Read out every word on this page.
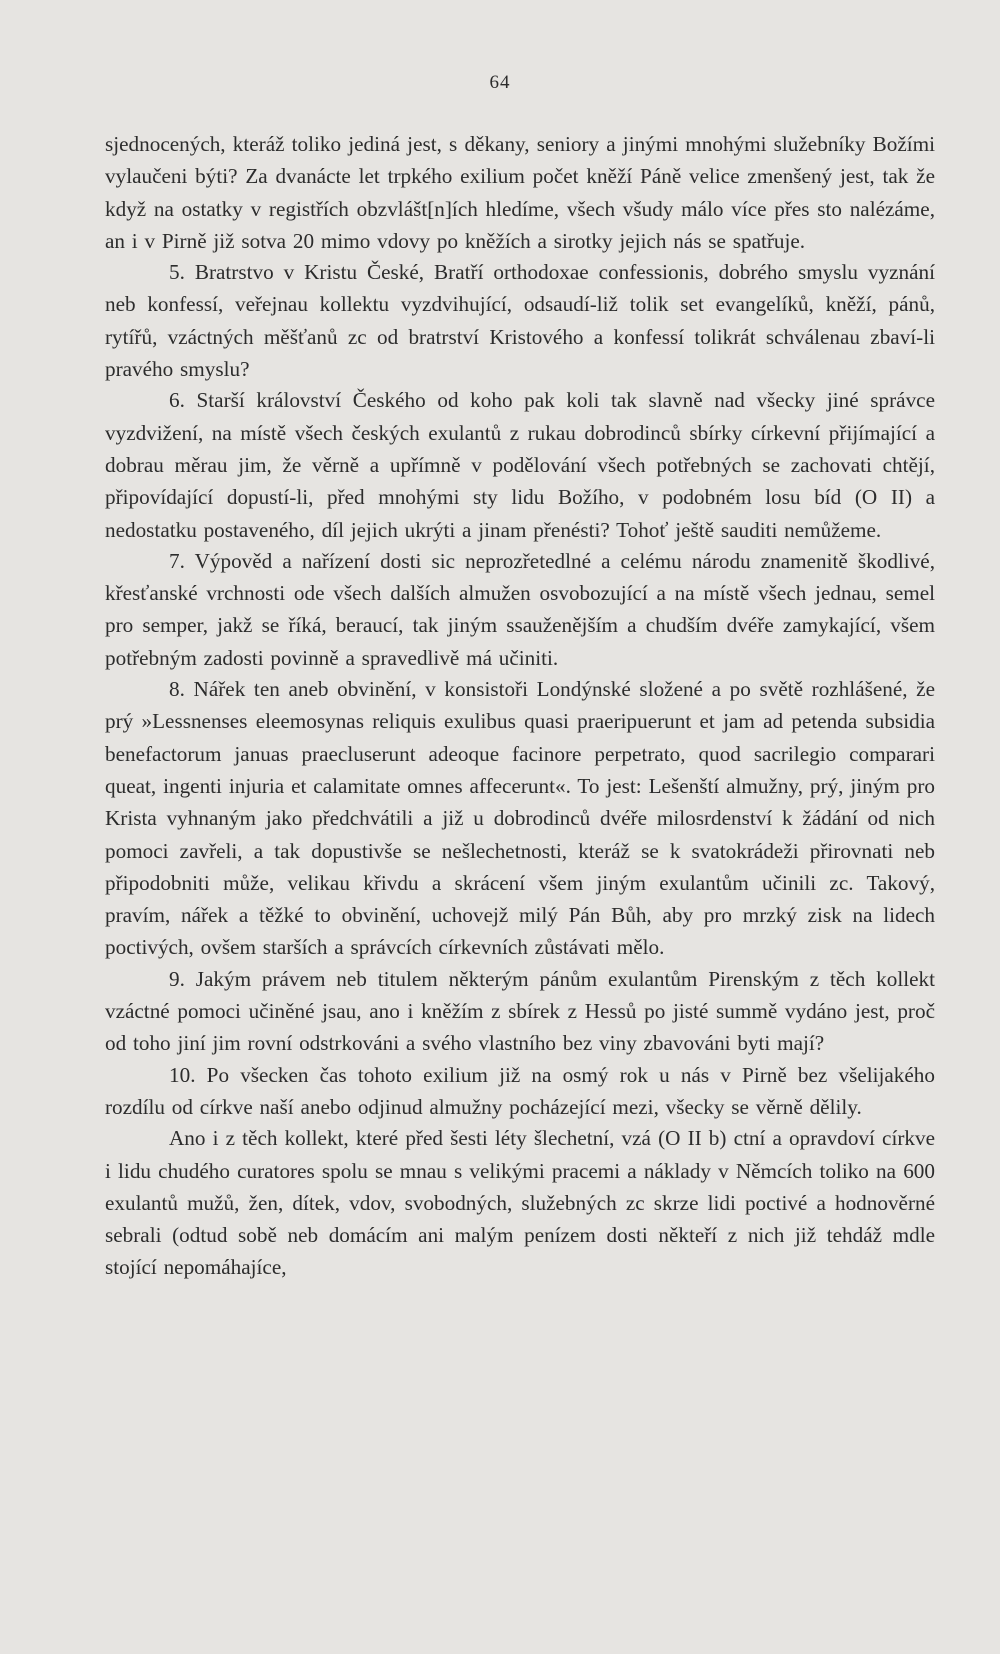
64

sjednocených, kteráž toliko jediná jest, s děkany, seniory a jinými mnohými služebníky Božími vylaučeni býti? Za dvanácte let trpkého exilium počet kněží Páně velice zmenšený jest, tak že když na ostatky v registřích obzvlášt[n]ích hledíme, všech všudy málo více přes sto nalézáme, an i v Pirně již sotva 20 mimo vdovy po kněžích a sirotky jejich nás se spatřuje.

5. Bratrstvo v Kristu České, Bratří orthodoxae confessionis, dobrého smyslu vyznání neb konfessí, veřejnau kollektu vyzdvihující, odsaudí-liž tolik set evangelíků, kněží, pánů, rytířů, vzáctných měšťanů zc od bratrství Kristového a konfessí tolikrát schválenau zbaví-li pravého smyslu?

6. Starší království Českého od koho pak koli tak slavně nad všecky jiné správce vyzdvižení, na místě všech českých exulantů z rukau dobrodinců sbírky církevní přijímající a dobrau měrau jim, že věrně a upřímně v podělování všech potřebných se zachovati chtějí, připovídající dopustí-li, před mnohými sty lidu Božího, v podobném losu bíd (O II) a nedostatku postaveného, díl jejich ukrýti a jinam přenésti? Tohoť ještě sauditi nemůžeme.

7. Výpověd a nařízení dosti sic neprozřetedlné a celému národu znamenitě škodlivé, křesťanské vrchnosti ode všech dalších almužen osvobozující a na místě všech jednau, semel pro semper, jakž se říká, beraucí, tak jiným ssauženějším a chudším dvéře zamykající, všem potřebným zadosti povinně a spravedlivě má učiniti.

8. Nářek ten aneb obvinění, v konsistoři Londýnské složené a po světě rozhlášené, že prý »Lessnenses eleemosynas reliquis exulibus quasi praeripuerunt et jam ad petenda subsidia benefactorum januas praecluserunt adeoque facinore perpetrato, quod sacrilegio comparari queat, ingenti injuria et calamitate omnes affecerunt«. To jest: Lešenští almužny, prý, jiným pro Krista vyhnaným jako předchvátili a již u dobrodinců dvéře milosrdenství k žádání od nich pomoci zavřeli, a tak dopustivše se nešlechetnosti, kteráž se k svatokrádeži přirovnati neb připodobniti může, velikau křivdu a skrácení všem jiným exulantům učinili zc. Takový, pravím, nářek a těžké to obvinění, uchovejž milý Pán Bůh, aby pro mrzký zisk na lidech poctivých, ovšem starších a správcích církevních zůstávati mělo.

9. Jakým právem neb titulem některým pánům exulantům Pirenským z těch kollekt vzáctné pomoci učiněné jsau, ano i kněžím z sbírek z Hessů po jisté summě vydáno jest, proč od toho jiní jim rovní odstrkováni a svého vlastního bez viny zbavováni byti mají?

10. Po všecken čas tohoto exilium již na osmý rok u nás v Pirně bez všelijakého rozdílu od církve naší anebo odjinud almužny pocházející mezi, všecky se věrně dělily.

Ano i z těch kollekt, které před šesti léty šlechetní, vzá (O II b) ctní a opravdoví církve i lidu chudého curatores spolu se mnau s velikými pracemi a náklady v Němcích toliko na 600 exulantů mužů, žen, dítek, vdov, svobodných, služebných zc skrze lidi poctivé a hodnověrné sebrali (odtud sobě neb domácím ani malým penízem dosti někteří z nich již tehdáž mdle stojící nepomáhajíce,
